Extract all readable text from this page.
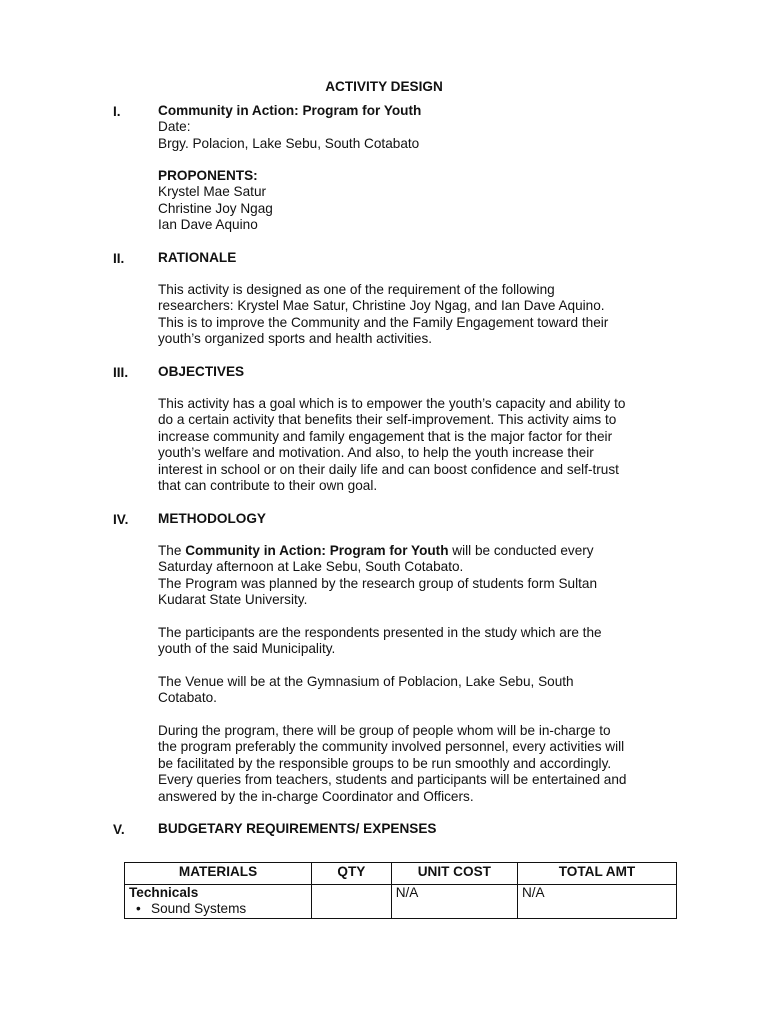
ACTIVITY DESIGN
I.	Community in Action: Program for Youth
Date:
Brgy. Polacion, Lake Sebu, South Cotabato
PROPONENTS:
Krystel Mae Satur
Christine Joy Ngag
Ian Dave Aquino
II. RATIONALE
This activity is designed as one of the requirement of the following
researchers: Krystel Mae Satur, Christine Joy Ngag, and Ian Dave Aquino.
This is to improve the Community and the Family Engagement toward their
youth’s organized sports and health activities.
III. OBJECTIVES
This activity has a goal which is to empower the youth’s capacity and ability to
do a certain activity that benefits their self-improvement. This activity aims to
increase community and family engagement that is the major factor for their
youth’s welfare and motivation. And also, to help the youth increase their
interest in school or on their daily life and can boost confidence and self-trust
that can contribute to their own goal.
IV. METHODOLOGY
The Community in Action: Program for Youth will be conducted every
Saturday afternoon at Lake Sebu, South Cotabato.
The Program was planned by the research group of students form Sultan
Kudarat State University.
The participants are the respondents presented in the study which are the
youth of the said Municipality.
The Venue will be at the Gymnasium of Poblacion, Lake Sebu, South
Cotabato.
During the program, there will be group of people whom will be in-charge to
the program preferably the community involved personnel, every activities will
be facilitated by the responsible groups to be run smoothly and accordingly.
Every queries from teachers, students and participants will be entertained and
answered by the in-charge Coordinator and Officers.
V. BUDGETARY REQUIREMENTS/ EXPENSES
MATERIALS	QTY	UNIT COST	TOTAL AMT

Technicals
• Sound Systems		N/A	N/A
